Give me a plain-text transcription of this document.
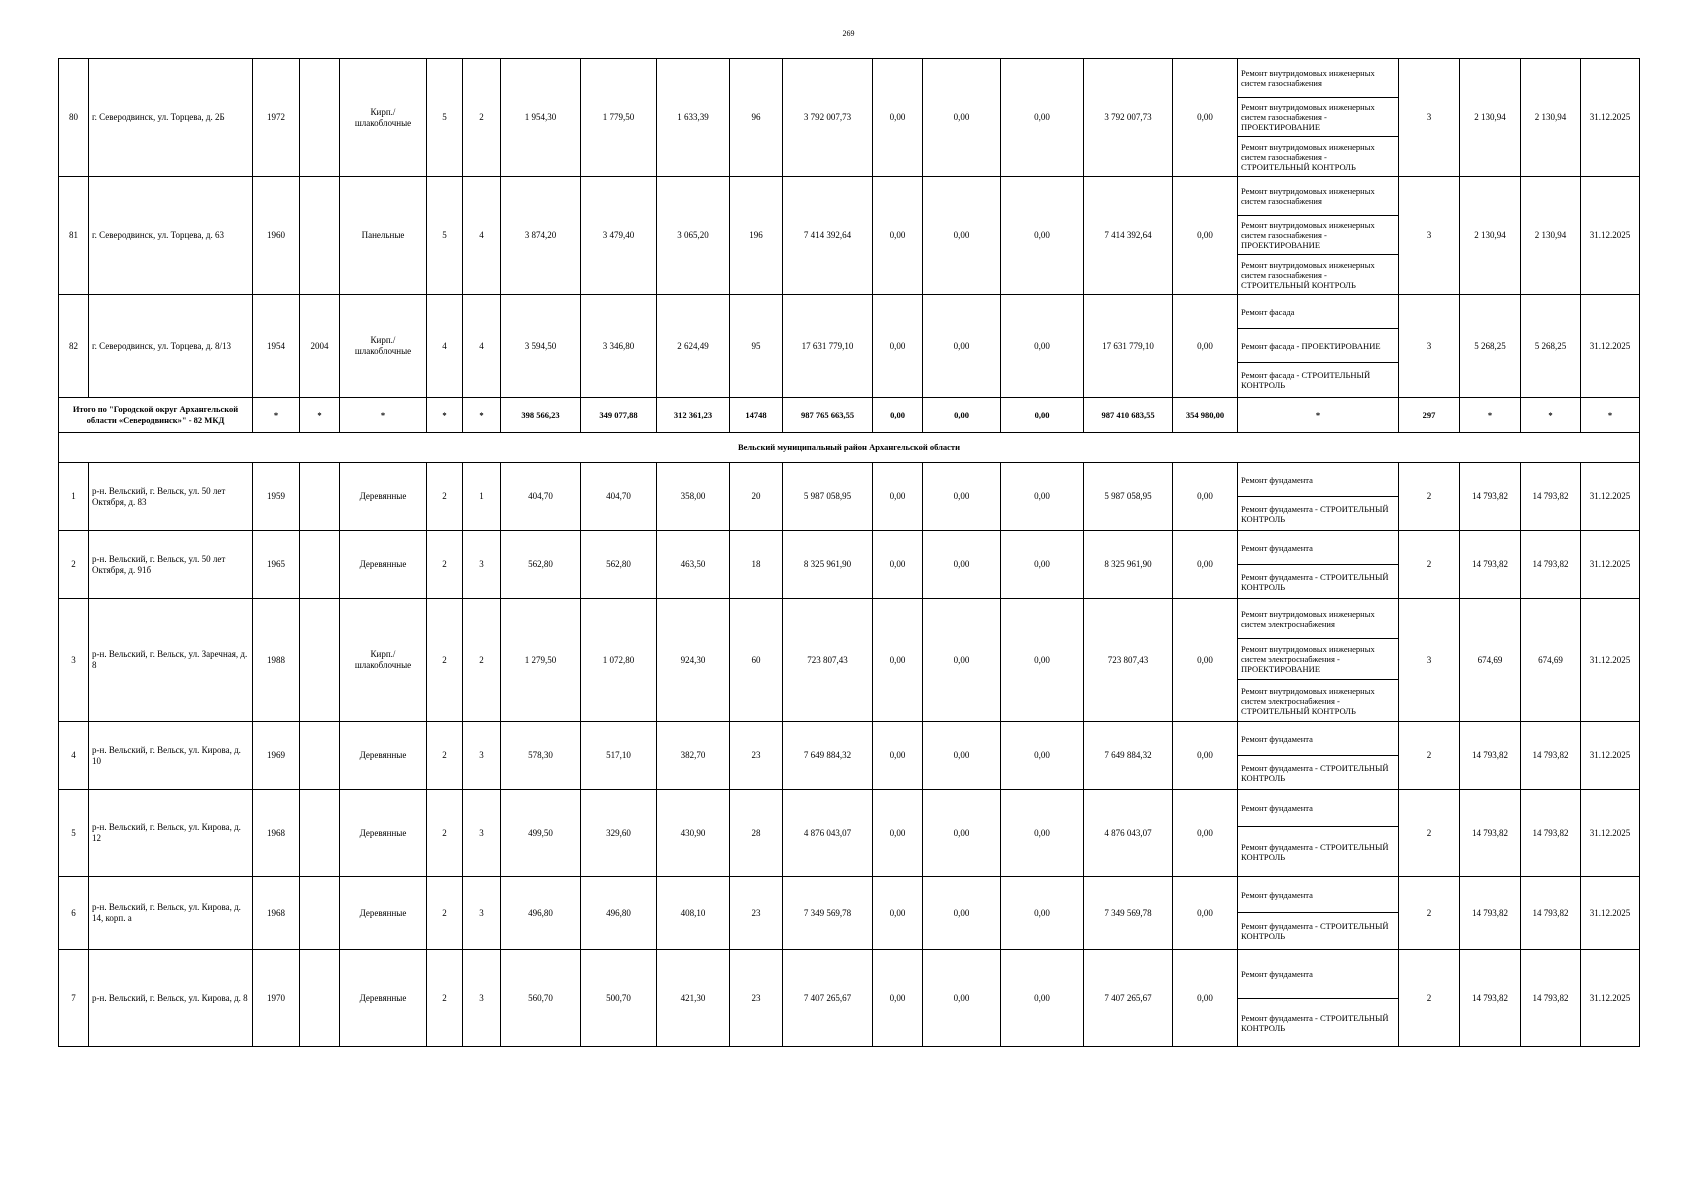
269
80	г. Северодвинск, ул. Торцева, д. 2Б	1972		Кирп./ шлакоблочные	5	2	1 954,30	1 779,50	1 633,39	96	3 792 007,73	0,00	0,00	0,00	3 792 007,73	0,00	Ремонт внутридомовых инженерных систем газоснабжения	3	2 130,94	2 130,94	31.12.2025
																	Ремонт внутридомовых инженерных систем газоснабжения - ПРОЕКТИРОВАНИЕ				
																	Ремонт внутридомовых инженерных систем газоснабжения - СТРОИТЕЛЬНЫЙ КОНТРОЛЬ				
81	г. Северодвинск, ул. Торцева, д. 63	1960		Панельные	5	4	3 874,20	3 479,40	3 065,20	196	7 414 392,64	0,00	0,00	0,00	7 414 392,64	0,00	Ремонт внутридомовых инженерных систем газоснабжения	3	2 130,94	2 130,94	31.12.2025
																	Ремонт внутридомовых инженерных систем газоснабжения - ПРОЕКТИРОВАНИЕ				
																	Ремонт внутридомовых инженерных систем газоснабжения - СТРОИТЕЛЬНЫЙ КОНТРОЛЬ				
82	г. Северодвинск, ул. Торцева, д. 8/13	1954	2004	Кирп./ шлакоблочные	4	4	3 594,50	3 346,80	2 624,49	95	17 631 779,10	0,00	0,00	0,00	17 631 779,10	0,00	Ремонт фасада	3	5 268,25	5 268,25	31.12.2025
																	Ремонт фасада - ПРОЕКТИРОВАНИЕ				
																	Ремонт фасада - СТРОИТЕЛЬНЫЙ КОНТРОЛЬ				
Итого по "Городской округ Архангельской области «Северодвинск»" - 82 МКД		*	*	*	*	*	398 566,23	349 077,88	312 361,23	14748	987 765 663,55	0,00	0,00	0,00	987 410 683,55	354 980,00	*	297	*	*	*
Вельский муниципальный район Архангельской области																					
1	р-н. Вельский, г. Вельск, ул. 50 лет Октября, д. 83	1959		Деревянные	2	1	404,70	404,70	358,00	20	5 987 058,95	0,00	0,00	0,00	5 987 058,95	0,00	Ремонт фундамента	2	14 793,82	14 793,82	31.12.2025
																	Ремонт фундамента - СТРОИТЕЛЬНЫЙ КОНТРОЛЬ				
2	р-н. Вельский, г. Вельск, ул. 50 лет Октября, д. 91б	1965		Деревянные	2	3	562,80	562,80	463,50	18	8 325 961,90	0,00	0,00	0,00	8 325 961,90	0,00	Ремонт фундамента	2	14 793,82	14 793,82	31.12.2025
																	Ремонт фундамента - СТРОИТЕЛЬНЫЙ КОНТРОЛЬ				
3	р-н. Вельский, г. Вельск, ул. Заречная, д. 8	1988		Кирп./ шлакоблочные	2	2	1 279,50	1 072,80	924,30	60	723 807,43	0,00	0,00	0,00	723 807,43	0,00	Ремонт внутридомовых инженерных систем электроснабжения	3	674,69	674,69	31.12.2025
																	Ремонт внутридомовых инженерных систем электроснабжения - ПРОЕКТИРОВАНИЕ				
																	Ремонт внутридомовых инженерных систем электроснабжения - СТРОИТЕЛЬНЫЙ КОНТРОЛЬ				
4	р-н. Вельский, г. Вельск, ул. Кирова, д. 10	1969		Деревянные	2	3	578,30	517,10	382,70	23	7 649 884,32	0,00	0,00	0,00	7 649 884,32	0,00	Ремонт фундамента	2	14 793,82	14 793,82	31.12.2025
																	Ремонт фундамента - СТРОИТЕЛЬНЫЙ КОНТРОЛЬ				
5	р-н. Вельский, г. Вельск, ул. Кирова, д. 12	1968		Деревянные	2	3	499,50	329,60	430,90	28	4 876 043,07	0,00	0,00	0,00	4 876 043,07	0,00	Ремонт фундамента	2	14 793,82	14 793,82	31.12.2025
																	Ремонт фундамента - СТРОИТЕЛЬНЫЙ КОНТРОЛЬ				
6	р-н. Вельский, г. Вельск, ул. Кирова, д. 14, корп. а	1968		Деревянные	2	3	496,80	496,80	408,10	23	7 349 569,78	0,00	0,00	0,00	7 349 569,78	0,00	Ремонт фундамента	2	14 793,82	14 793,82	31.12.2025
																	Ремонт фундамента - СТРОИТЕЛЬНЫЙ КОНТРОЛЬ				
7	р-н. Вельский, г. Вельск, ул. Кирова, д. 8	1970		Деревянные	2	3	560,70	500,70	421,30	23	7 407 265,67	0,00	0,00	0,00	7 407 265,67	0,00	Ремонт фундамента	2	14 793,82	14 793,82	31.12.2025
																	Ремонт фундамента - СТРОИТЕЛЬНЫЙ КОНТРОЛЬ				
